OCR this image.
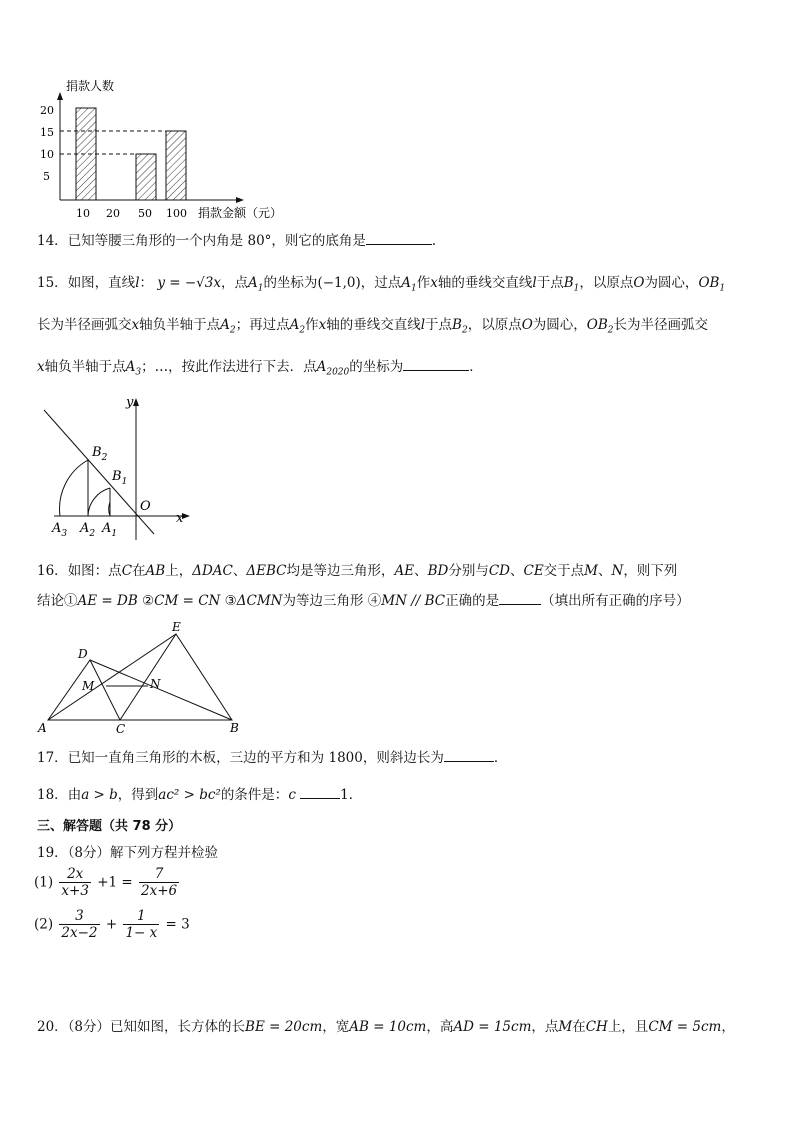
捐款人数
20
15
10
5
10 20 50 100 捐款金额（元）
14．已知等腰三角形的一个内角是 80°，则它的底角是	．
15．如图，直线l： y = −√3x，点$A_1$的坐标为(−1,0)，过点$A_1$作x轴的垂线交直线l于点$B_1$，以原点O为圆心，$OB_1$
长为半径画弧交x轴负半轴于点$A_2$；再过点$A_2$作x轴的垂线交直线l于点$B_2$，以原点O为圆心，$OB_2$长为半径画弧交
x轴负半轴于点$A_3$；…，按此作法进行下去．点$A_{2020}$的坐标为	．
y
x
O
$B_2$
$B_1$
$A_3$ $A_2$ $A_1$
16．如图：点C在AB上，ΔDAC、ΔEBC均是等边三角形，AE、BD分别与CD、CE交于点M、N，则下列
结论①AE = DB ②CM = CN ③ΔCMN为等边三角形 ④MN // BC正确的是	（填出所有正确的序号）
E
D
M	N
A	C	B
17．已知一直角三角形的木板，三边的平方和为 1800，则斜边长为	．
18．由a > b，得到ac² > bc²的条件是：c	1．
三、解答题（共 78 分）
19．（8分）解下列方程并检验
$(1) \frac{2x}{x+3} +1 = \frac{7}{2x+6}$
$(2) \frac{3}{2x-2} + \frac{1}{1- x} = 3$
20．（8分）已知如图，长方体的长BE = 20cm，宽AB = 10cm，高AD = 15cm，点M在CH上，且CM = 5cm，
